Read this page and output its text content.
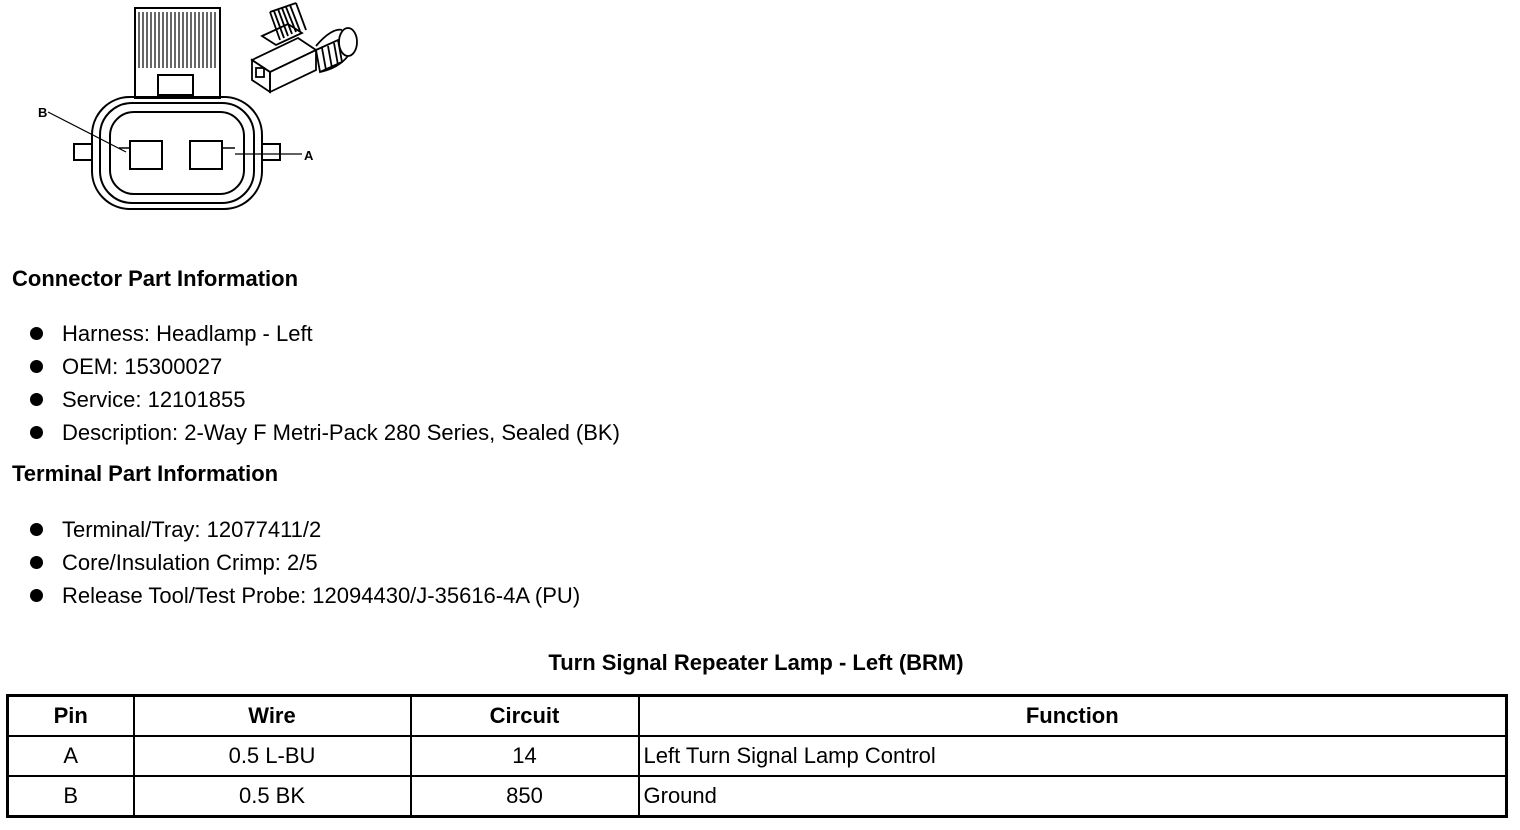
B
A
Connector Part Information
Harness: Headlamp - Left
OEM: 15300027
Service: 12101855
Description: 2-Way F Metri-Pack 280 Series, Sealed (BK)
Terminal Part Information
Terminal/Tray: 12077411/2
Core/Insulation Crimp: 2/5
Release Tool/Test Probe: 12094430/J-35616-4A (PU)
Turn Signal Repeater Lamp - Left (BRM)
Pin	Wire	Circuit	Function
A	0.5 L-BU	14	Left Turn Signal Lamp Control
B	0.5 BK	850	Ground
